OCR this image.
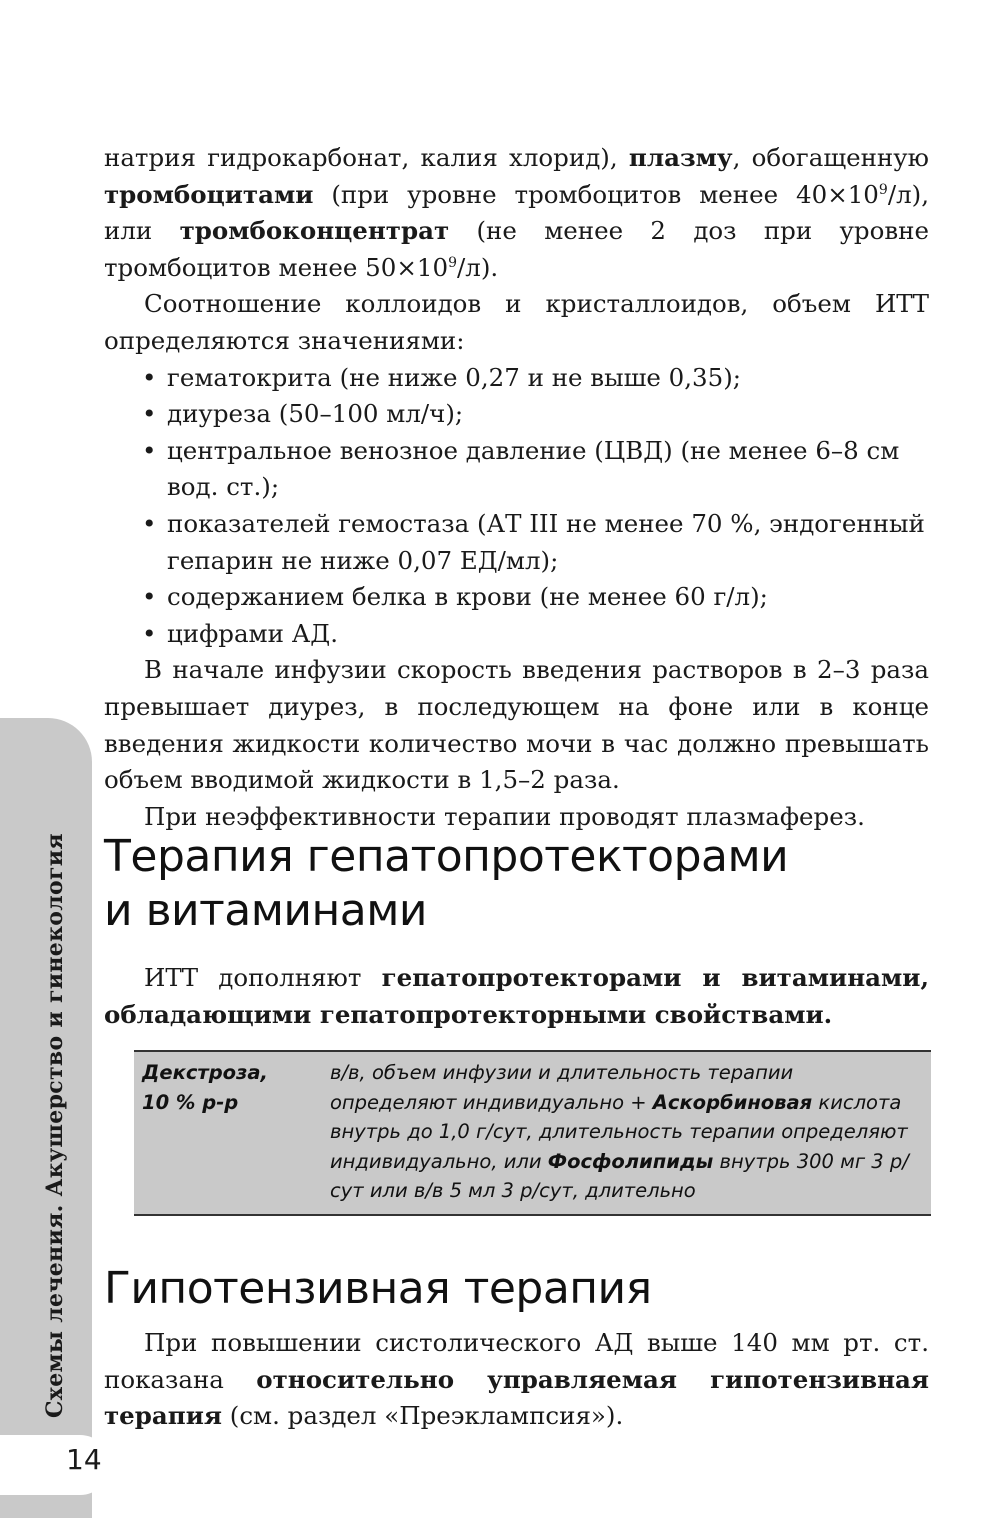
Схемы лечения. Акушерство и гинекология
14

натрия гидрокарбонат, калия хлорид), плазму, обогащенную тромбоцитами (при уровне тромбоцитов менее $40\times 10^9/л$), или тромбоконцентрат (не менее 2 доз при уровне тромбоцитов менее $50\times 10^9/л$).

Соотношение коллоидов и кристаллоидов, объем ИТТ определяются значениями:

• гематокрита (не ниже 0,27 и не выше 0,35);
• диуреза (50–100 мл/ч);
• центральное венозное давление (ЦВД) (не менее 6–8 см вод. ст.);
• показателей гемостаза (АТ III не менее 70 %, эндогенный гепарин не ниже 0,07 ЕД/мл);
• содержанием белка в крови (не менее 60 г/л);
• цифрами АД.

В начале инфузии скорость введения растворов в 2–3 раза превышает диурез, в последующем на фоне или в конце введения жидкости количество мочи в час должно превышать объем вводимой жидкости в 1,5–2 раза.

При неэффективности терапии проводят плазмаферез.

Терапия гепатопротекторами
и витаминами

ИТТ дополняют гепатопротекторами и витаминами, обладающими гепатопротекторными свойствами.

Декстроза,
10 % р-р
в/в, объем инфузии и длительность терапии определяют индивидуально + Аскорбиновая кислота внутрь до 1,0 г/сут, длительность терапии определяют индивидуально, или Фосфолипиды внутрь 300 мг 3 р/сут или в/в 5 мл 3 р/сут, длительно
Гипотензивная терапия

При повышении систолического АД выше 140 мм рт. ст. показана относительно управляемая гипотензивная терапия (см. раздел «Преэклампсия»).
